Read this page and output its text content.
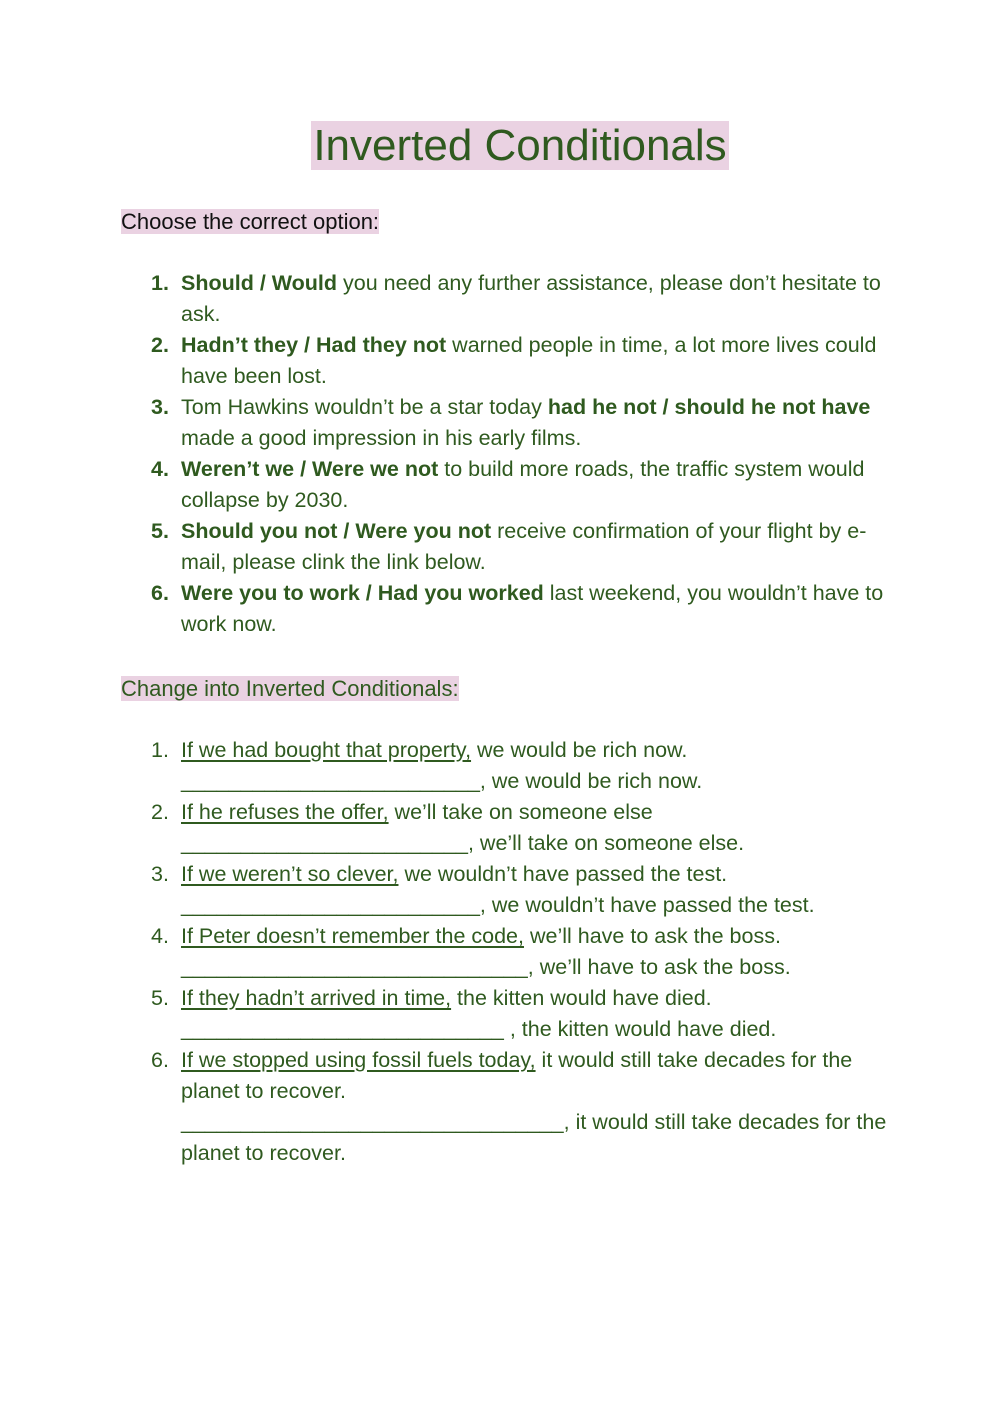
Inverted Conditionals
Choose the correct option:
1. Should / Would you need any further assistance, please don’t hesitate to ask.
2. Hadn’t they / Had they not warned people in time, a lot more lives could have been lost.
3. Tom Hawkins wouldn’t be a star today had he not / should he not have made a good impression in his early films.
4. Weren’t we / Were we not to build more roads, the traffic system would collapse by 2030.
5. Should you not / Were you not receive confirmation of your flight by e-mail, please clink the link below.
6. Were you to work / Had you worked last weekend, you wouldn’t have to work now.
Change into Inverted Conditionals:
1. If we had bought that property, we would be rich now.
_________________________, we would be rich now.
2. If he refuses the offer, we’ll take on someone else
________________________, we’ll take on someone else.
3. If we weren’t so clever, we wouldn’t have passed the test.
_________________________, we wouldn’t have passed the test.
4. If Peter doesn’t remember the code, we’ll have to ask the boss.
_____________________________, we’ll have to ask the boss.
5. If they hadn’t arrived in time, the kitten would have died.
___________________________ , the kitten would have died.
6. If we stopped using fossil fuels today, it would still take decades for the planet to recover.
________________________________, it would still take decades for the planet to recover.
